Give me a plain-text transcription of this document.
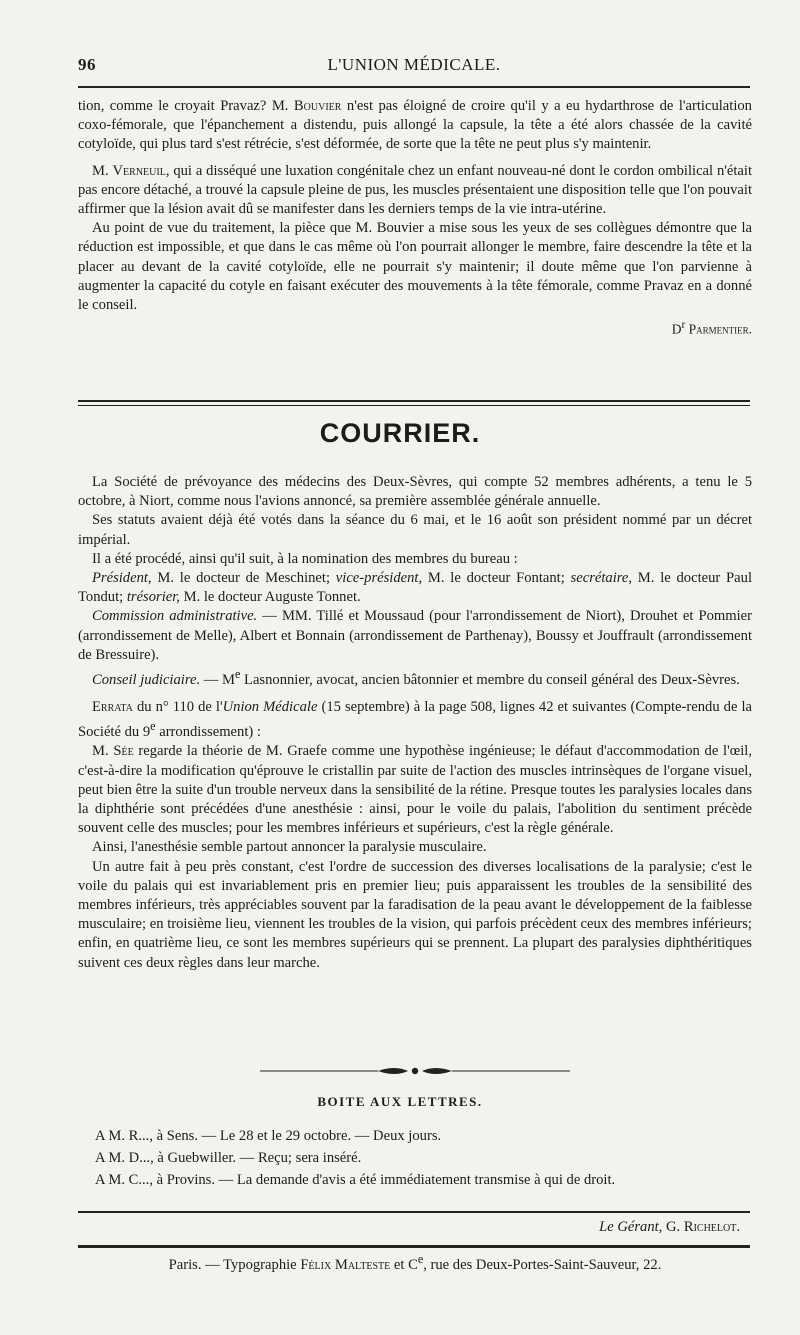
96	L'UNION MÉDICALE.

tion, comme le croyait Pravaz? M. Bouvier n'est pas éloigné de croire qu'il y a eu hydarthrose de l'articulation coxo-fémorale, que l'épanchement a distendu, puis allongé la capsule, la tête a été alors chassée de la cavité cotyloïde, qui plus tard s'est rétrécie, s'est déformée, de sorte que la tête ne peut plus s'y maintenir.

M. Verneuil, qui a disséqué une luxation congénitale chez un enfant nouveau-né dont le cordon ombilical n'était pas encore détaché, a trouvé la capsule pleine de pus, les muscles présentaient une disposition telle que l'on pouvait affirmer que la lésion avait dû se manifester dans les derniers temps de la vie intra-utérine.

Au point de vue du traitement, la pièce que M. Bouvier a mise sous les yeux de ses collègues démontre que la réduction est impossible, et que dans le cas même où l'on pourrait allonger le membre, faire descendre la tête et la placer au devant de la cavité cotyloïde, elle ne pourrait s'y maintenir; il doute même que l'on parvienne à augmenter la capacité du cotyle en faisant exécuter des mouvements à la tête fémorale, comme Pravaz en a donné le conseil.

$D^r$ Parmentier.
COURRIER.

La Société de prévoyance des médecins des Deux-Sèvres, qui compte 52 membres adhérents, a tenu le 5 octobre, à Niort, comme nous l'avions annoncé, sa première assemblée générale annuelle.

Ses statuts avaient déjà été votés dans la séance du 6 mai, et le 16 août son président nommé par un décret impérial.

Il a été procédé, ainsi qu'il suit, à la nomination des membres du bureau :

Président, M. le docteur de Meschinet; vice-président, M. le docteur Fontant; secrétaire, M. le docteur Paul Tondut; trésorier, M. le docteur Auguste Tonnet.

Commission administrative. — MM. Tillé et Moussaud (pour l'arrondissement de Niort), Drouhet et Pommier (arrondissement de Melle), Albert et Bonnain (arrondissement de Parthenay), Boussy et Jouffrault (arrondissement de Bressuire).

Conseil judiciaire. — Me Lasnonnier, avocat, ancien bâtonnier et membre du conseil général des Deux-Sèvres.

Errata du n° 110 de l'Union Médicale (15 septembre) à la page 508, lignes 42 et suivantes (Compte-rendu de la Société du 9e arrondissement) :

M. Sée regarde la théorie de M. Graefe comme une hypothèse ingénieuse; le défaut d'accommodation de l'œil, c'est-à-dire la modification qu'éprouve le cristallin par suite de l'action des muscles intrinsèques de l'organe visuel, peut bien être la suite d'un trouble nerveux dans la sensibilité de la rétine. Presque toutes les paralysies locales dans la diphthérie sont précédées d'une anesthésie : ainsi, pour le voile du palais, l'abolition du sentiment précède souvent celle des muscles; pour les membres inférieurs et supérieurs, c'est la règle générale.

Ainsi, l'anesthésie semble partout annoncer la paralysie musculaire.

Un autre fait à peu près constant, c'est l'ordre de succession des diverses localisations de la paralysie; c'est le voile du palais qui est invariablement pris en premier lieu; puis apparaissent les troubles de la sensibilité des membres inférieurs, très appréciables souvent par la faradisation de la peau avant le développement de la faiblesse musculaire; en troisième lieu, viennent les troubles de la vision, qui parfois précèdent ceux des membres inférieurs; enfin, en quatrième lieu, ce sont les membres supérieurs qui se prennent. La plupart des paralysies diphthéritiques suivent ces deux règles dans leur marche.

BOITE AUX LETTRES.
A M. R..., à Sens. — Le 28 et le 29 octobre. — Deux jours.
A M. D..., à Guebwiller. — Reçu; sera inséré.
A M. C..., à Provins. — La demande d'avis a été immédiatement transmise à qui de droit.
Le Gérant, G. Richelot.
Paris. — Typographie Félix Malteste et Ce, rue des Deux-Portes-Saint-Sauveur, 22.
